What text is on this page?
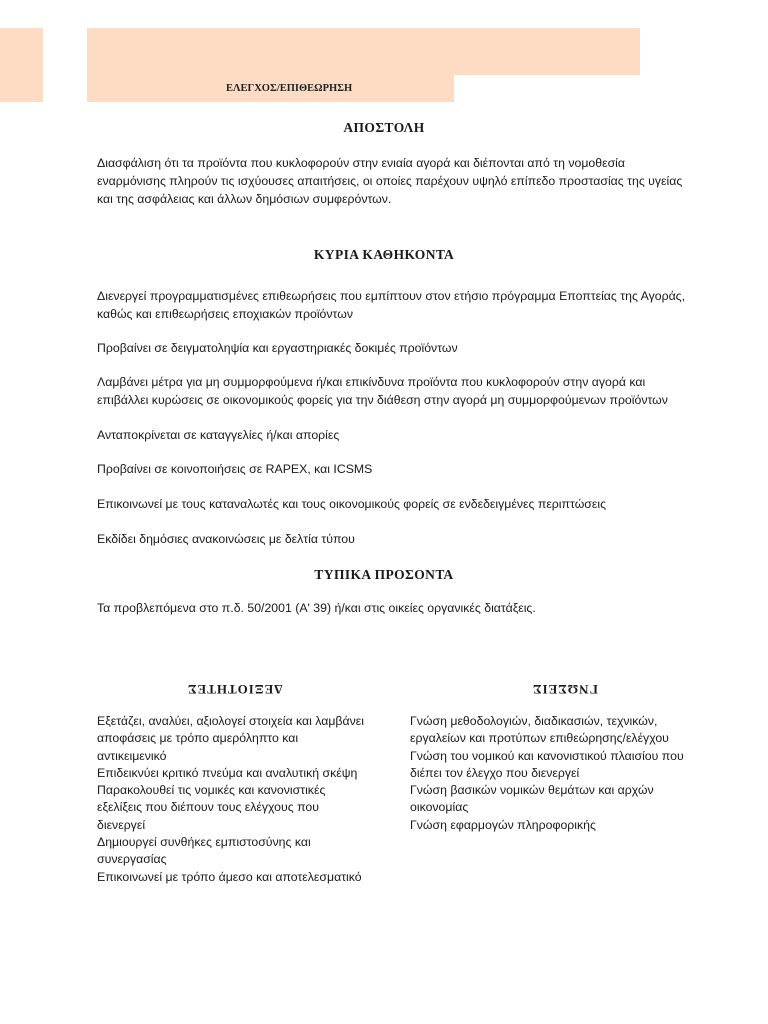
ΕΛΕΓΧΟΣ/ΕΠΙΘΕΩΡΗΣΗ
ΑΠΟΣΤΟΛΗ
Διασφάλιση ότι τα προϊόντα που κυκλοφορούν στην ενιαία αγορά και διέπονται από τη νομοθεσία
εναρμόνισης πληρούν τις ισχύουσες απαιτήσεις, οι οποίες παρέχουν υψηλό επίπεδο προστασίας της υγείας
και της ασφάλειας και άλλων δημόσιων συμφερόντων.
ΚΥΡΙΑ ΚΑΘΗΚΟΝΤΑ
Διενεργεί προγραμματισμένες επιθεωρήσεις που εμπίπτουν στον ετήσιο πρόγραμμα Εποπτείας της Αγοράς,
καθώς και επιθεωρήσεις εποχιακών προϊόντων
Προβαίνει σε δειγματοληψία και εργαστηριακές δοκιμές προϊόντων
Λαμβάνει μέτρα για μη συμμορφούμενα ή/και επικίνδυνα προϊόντα που κυκλοφορούν στην αγορά και
επιβάλλει κυρώσεις σε οικονομικούς φορείς για την διάθεση στην αγορά μη συμμορφούμενων προϊόντων
Ανταποκρίνεται σε καταγγελίες ή/και απορίες
Προβαίνει σε κοινοποιήσεις σε RAPEX, και ICSMS
Επικοινωνεί με τους καταναλωτές και τους οικονομικούς φορείς σε ενδεδειγμένες περιπτώσεις
Εκδίδει δημόσιες ανακοινώσεις με δελτία τύπου
ΤΥΠΙΚΑ ΠΡΟΣΟΝΤΑ
Τα προβλεπόμενα στο π.δ. 50/2001 (Α' 39) ή/και στις οικείες οργανικές διατάξεις.
ΔΕΞΙΟΤΗΤΕΣ
Εξετάζει, αναλύει, αξιολογεί στοιχεία και λαμβάνει
αποφάσεις με τρόπο αμερόληπτο και
αντικειμενικό
Επιδεικνύει κριτικό πνεύμα και αναλυτική σκέψη
Παρακολουθεί τις νομικές και κανονιστικές
εξελίξεις που διέπουν τους ελέγχους που
διενεργεί
Δημιουργεί συνθήκες εμπιστοσύνης και
συνεργασίας
Επικοινωνεί με τρόπο άμεσο και αποτελεσματικό
ΓΝΩΣΕΙΣ
Γνώση μεθοδολογιών, διαδικασιών, τεχνικών,
εργαλείων και προτύπων επιθεώρησης/ελέγχου
Γνώση του νομικού και κανονιστικού πλαισίου που
διέπει τον έλεγχο που διενεργεί
Γνώση βασικών νομικών θεμάτων και αρχών
οικονομίας
Γνώση εφαρμογών πληροφορικής
